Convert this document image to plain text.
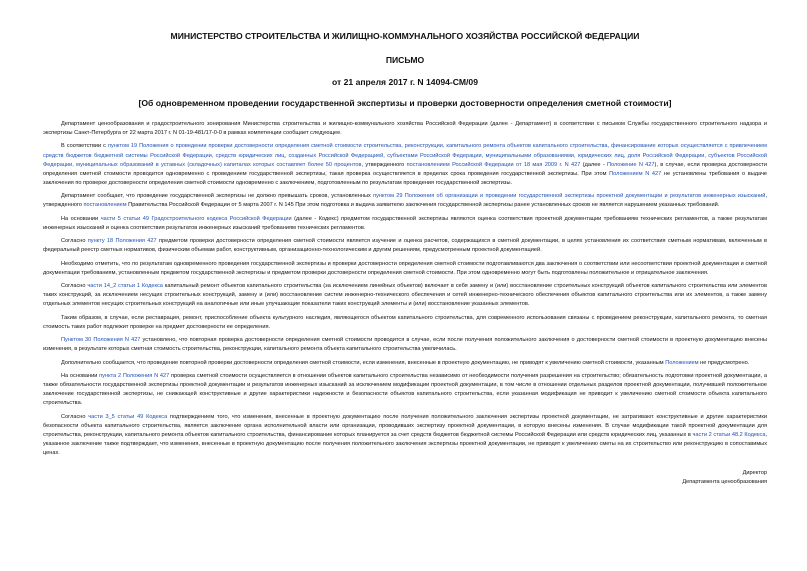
МИНИСТЕРСТВО СТРОИТЕЛЬСТВА И ЖИЛИЩНО-КОММУНАЛЬНОГО ХОЗЯЙСТВА РОССИЙСКОЙ ФЕДЕРАЦИИ

ПИСЬМО

от 21 апреля 2017 г. N 14094-СМ/09

[Об одновременном проведении государственной экспертизы и проверки достоверности определения сметной стоимости]

Департамент ценообразования и градостроительного зонирования Министерства строительства и жилищно-коммунального хозяйства Российской Федерации (далее - Департамент) в соответствии с письмом Службы государственного строительного надзора и экспертизы Санкт-Петербурга от 22 марта 2017 г. N 01-19-481/17-0-0 в рамках компетенции сообщает следующее.

В соответствии с пунктом 19 Положения о проведении проверки достоверности определения сметной стоимости строительства, реконструкции, капитального ремонта объектов капитального строительства, финансирование которых осуществляется с привлечением средств бюджетов бюджетной системы Российской Федерации, средств юридических лиц, созданных Российской Федерацией, субъектами Российской Федерации, муниципальными образованиями, юридических лиц, доля Российской Федерации, субъектов Российской Федерации, муниципальных образований в уставных (складочных) капиталах которых составляет более 50 процентов, утвержденного постановлением Российской Федерации от 18 мая 2009 г. N 427 (далее - Положение N 427), в случае, если проверка достоверности определения сметной стоимости проводится одновременно с проведением государственной экспертизы, такая проверка осуществляется в пределах срока проведения государственной экспертизы. При этом Положением N 427 не установлены требования о выдаче заключения по проверке достоверности определения сметной стоимости одновременно с заключением, подготовленным по результатам проведения государственной экспертизы.

Департамент сообщает, что проведение государственной экспертизы не должно превышать сроков, установленных пунктом 29 Положения об организации и проведении государственной экспертизы проектной документации и результатов инженерных изысканий, утвержденного постановлением Правительства Российской Федерации от 5 марта 2007 г. N 145 При этом подготовка и выдача заявителю заключения государственной экспертизы ранее установленных сроков не является нарушением указанных требований.

На основании части 5 статьи 49 Градостроительного кодекса Российской Федерации (далее - Кодекс) предметом государственной экспертизы являются оценка соответствия проектной документации требованиям технических регламентов, а также результатам инженерных изысканий и оценка соответствия результатов инженерных изысканий требованиям технических регламентов.

Согласно пункту 18 Положения 427 предметом проверки достоверности определения сметной стоимости является изучение и оценка расчетов, содержащихся в сметной документации, в целях установления их соответствия сметным нормативам, включенным в федеральный реестр сметных нормативов, физическим объемам работ, конструктивным, организационно-технологическим и другим решениям, предусмотренным проектной документацией.

Необходимо отметить, что по результатам одновременного проведения государственной экспертизы и проверки достоверности определения сметной стоимости подготавливаются два заключения о соответствии или несоответствии проектной документации и сметной документации требованиям, установленным предметом государственной экспертизы и предметом проверки достоверности определения сметной стоимости. При этом одновременно могут быть подготовлены положительное и отрицательное заключения.

Согласно части 14_2 статьи 1 Кодекса капитальный ремонт объектов капитального строительства (за исключением линейных объектов) включает в себя замену и (или) восстановление строительных конструкций объектов капитального строительства или элементов таких конструкций, за исключением несущих строительных конструкций, замену и (или) восстановление систем инженерно-технического обеспечения и сетей инженерно-технического обеспечения объектов капитального строительства или их элементов, а также замену отдельных элементов несущих строительных конструкций на аналогичные или иные улучшающие показатели таких конструкций элементы и (или) восстановление указанных элементов.

Таким образом, в случае, если реставрация, ремонт, приспособление объекта культурного наследия, являющегося объектом капитального строительства, для современного использования связаны с проведением реконструкции, капитального ремонта, то сметная стоимость таких работ подлежит проверке на предмет достоверности ее определения.

Пунктом 30 Положения N 427 установлено, что повторная проверка достоверности определения сметной стоимости проводится в случае, если после получения положительного заключения о достоверности сметной стоимости в проектную документацию внесены изменения, в результате которых сметная стоимость строительства, реконструкции, капитального ремонта объекта капитального строительства увеличилась.

Дополнительно сообщается, что проведение повторной проверки достоверности определения сметной стоимости, если изменения, внесенные в проектную документацию, не приводят к увеличению сметной стоимости, указанным Положением не предусмотрено.

На основании пункта 2 Положения N 427 проверка сметной стоимости осуществляется в отношении объектов капитального строительства независимо от необходимости получения разрешения на строительство; обязательность подготовки проектной документации, а также обязательности государственной экспертизы проектной документации и результатов инженерных изысканий за исключением модификации проектной документации, в том числе в отношении отдельных разделов проектной документации, получившей положительное заключение государственной экспертизы, не снижающей конструктивные и другие характеристики надежности и безопасности объектов капитального строительства, если указанная модификация не приводит к увеличению сметной стоимости объекта капитального строительства.

Согласно части 3_5 статьи 49 Кодекса подтверждением того, что изменения, внесенные в проектную документацию после получения положительного заключения экспертизы проектной документации, не затрагивают конструктивные и другие характеристики безопасности объекта капитального строительства, является заключение органа исполнительной власти или организации, проводивших экспертизу проектной документации, в которую внесены изменения. В случае модификации такой проектной документации для строительства, реконструкции, капитального ремонта объектов капитального строительства, финансирование которых планируется за счет средств бюджетов бюджетной системы Российской Федерации или средств юридических лиц, указанных в части 2 статьи 48.2 Кодекса, указанное заключение также подтверждает, что изменения, внесенные в проектную документацию после получения положительного заключения экспертизы проектной документации, не приводят к увеличению сметы на их строительство или реконструкцию в сопоставимых ценах.

Директор

Департамента ценообразования
